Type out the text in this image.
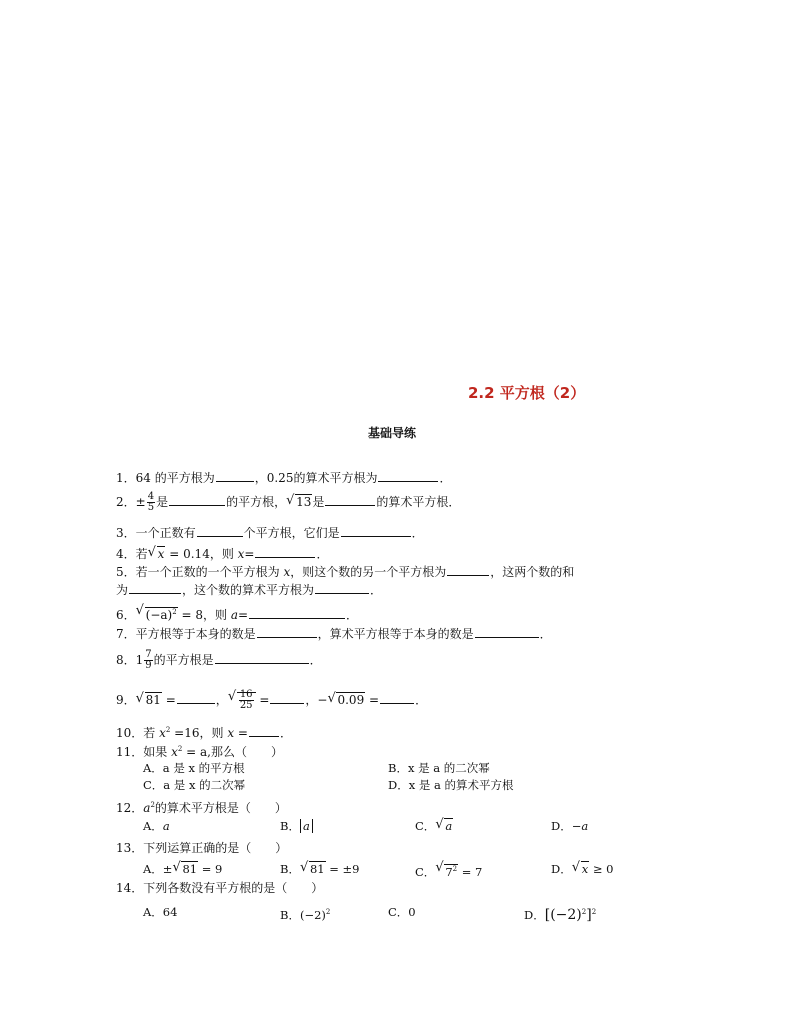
2.2 平方根（2）
基础导练
1．64 的平方根为	，0.25的算术平方根为	．
2．± $\frac{4}{5}$ 是	的平方根， √ 13是	的算术平方根．
3．一个正数有	个平方根，它们是	．
4．若 √ x = 0.14，则 x=	．
5．若一个正数的一个平方根为 x，则这个数的另一个平方根为	，这两个数的和
为	，这个数的算术平方根为	．
6． √ $(-a)^2 = 8$，则 a=	．
7．平方根等于本身的数是	，算术平方根等于本身的数是	．
8．$1 \frac{7}{9}$ 的平方根是	．
9． √ 81 =	， √ $\frac{16}{25}$ =	，− √ 0.09 =	．
10．若 $x^2 =16$，则 x =	．
11．如果 $x^2 = a$,那么（　　）
A．a 是 x 的平方根	B．x 是 a 的二次幂
C．a 是 x 的二次幂	D．x 是 a 的算术平方根
12．$a^2$的算术平方根是（　　）
A．a	B． a	C． √ a	D．−a
13．下列运算正确的是（　　）
A．± √ 81 = 9	B． √ 81 = ±9	C． √ $7^2 = 7$	D． √ x ≥ 0
14．下列各数没有平方根的是（　　）
A．64	B．$(-2)^2$	C．0	D．$[(-2)^2]^2$
